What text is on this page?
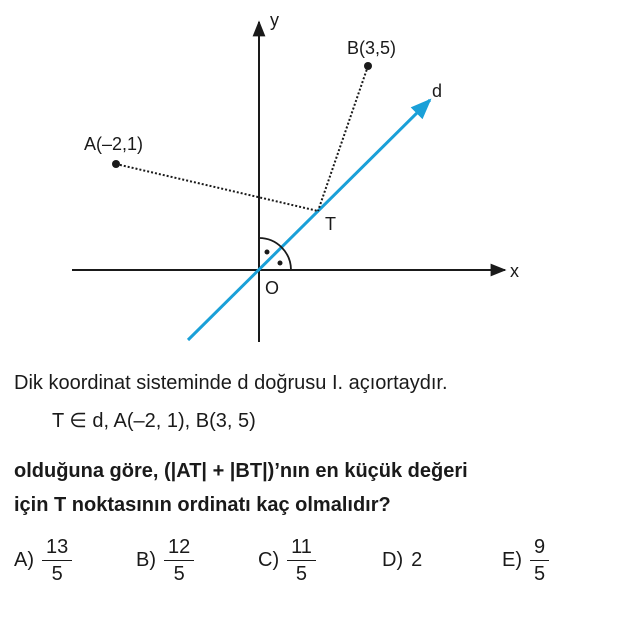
y
x
d
A(–2,1)
B(3,5)
T
O
Dik koordinat sisteminde d doğrusu I. açıortaydır.
T ∈ d, A(–2, 1), B(3, 5)
olduğuna göre, (|AT| + |BT|)’nın en küçük değeri
için T noktasının ordinatı kaç olmalıdır?
$A) \frac{13}{5}$	$B) \frac{12}{5}$	$C) \frac{11}{5}$	D) 2	$E) \frac{9}{5}$
